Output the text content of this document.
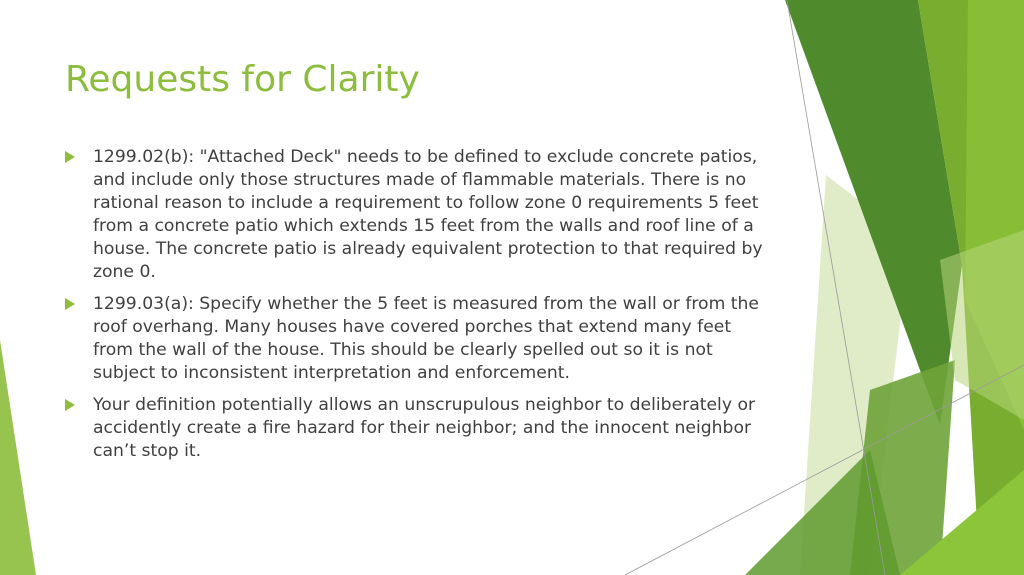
Requests for Clarity
1299.02(b): "Attached Deck" needs to be defined to exclude concrete patios, and include only those structures made of flammable materials. There is no rational reason to include a requirement to follow zone 0 requirements 5 feet from a concrete patio which extends 15 feet from the walls and roof line of a house. The concrete patio is already equivalent protection to that required by zone 0.
1299.03(a): Specify whether the 5 feet is measured from the wall or from the roof overhang. Many houses have covered porches that extend many feet from the wall of the house. This should be clearly spelled out so it is not subject to inconsistent interpretation and enforcement.
Your definition potentially allows an unscrupulous neighbor to deliberately or accidently create a fire hazard for their neighbor; and the innocent neighbor can’t stop it.
